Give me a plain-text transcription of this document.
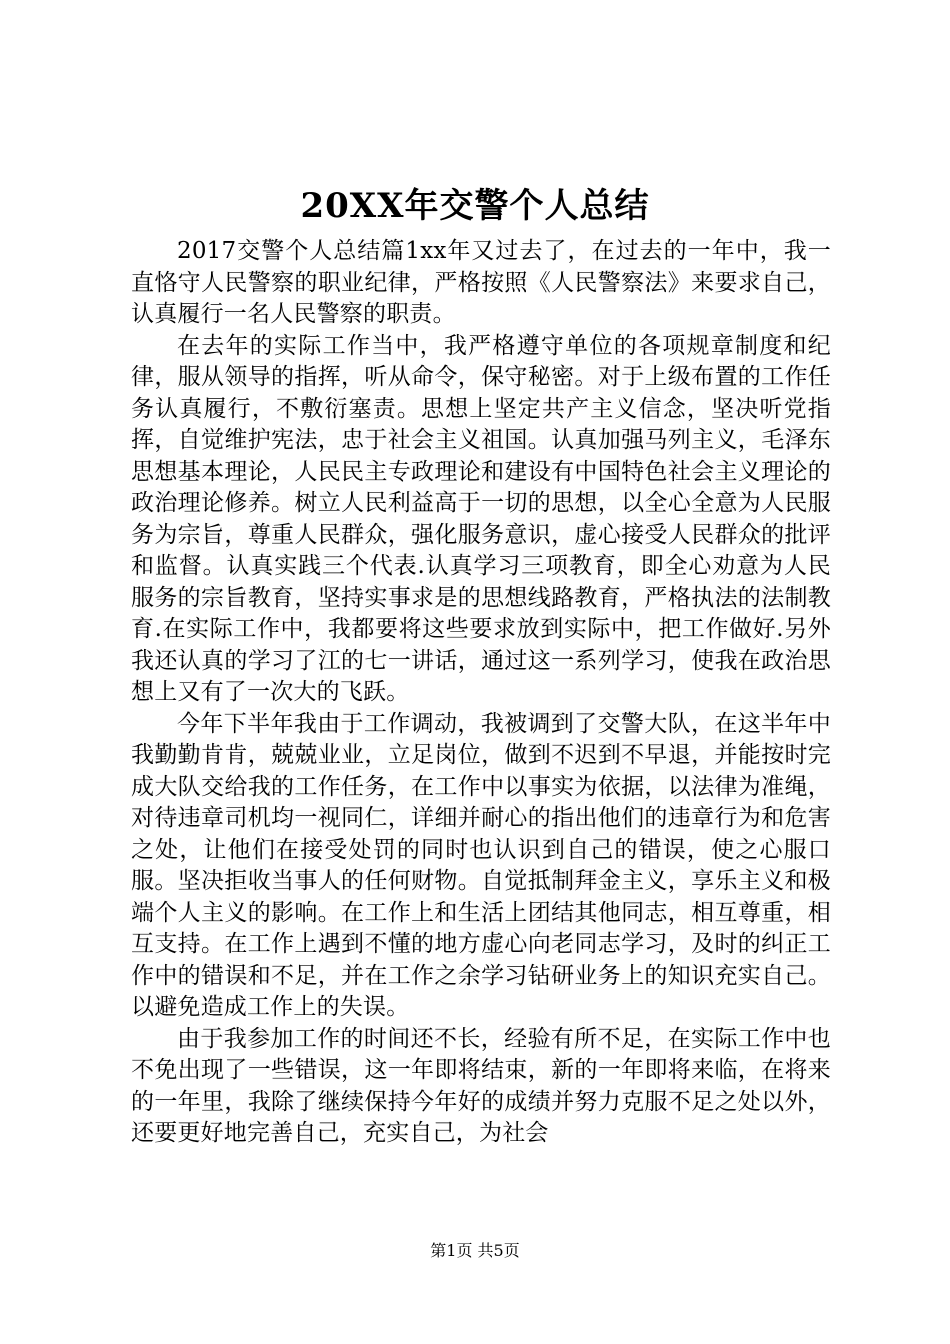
20XX年交警个人总结

2017交警个人总结篇1xx年又过去了，在过去的一年中，我一直恪守人民警察的职业纪律，严格按照《人民警察法》来要求自己，认真履行一名人民警察的职责。

在去年的实际工作当中，我严格遵守单位的各项规章制度和纪律，服从领导的指挥，听从命令，保守秘密。对于上级布置的工作任务认真履行，不敷衍塞责。思想上坚定共产主义信念，坚决听党指挥，自觉维护宪法，忠于社会主义祖国。认真加强马列主义，毛泽东思想基本理论，人民民主专政理论和建设有中国特色社会主义理论的政治理论修养。树立人民利益高于一切的思想，以全心全意为人民服务为宗旨，尊重人民群众，强化服务意识，虚心接受人民群众的批评和监督。认真实践三个代表.认真学习三项教育，即全心劝意为人民服务的宗旨教育，坚持实事求是的思想线路教育，严格执法的法制教育.在实际工作中，我都要将这些要求放到实际中，把工作做好.另外我还认真的学习了江的七一讲话，通过这一系列学习，使我在政治思想上又有了一次大的飞跃。

今年下半年我由于工作调动，我被调到了交警大队，在这半年中我勤勤肯肯，兢兢业业，立足岗位，做到不迟到不早退，并能按时完成大队交给我的工作任务，在工作中以事实为依据，以法律为准绳，对待违章司机均一视同仁，详细并耐心的指出他们的违章行为和危害之处，让他们在接受处罚的同时也认识到自己的错误，使之心服口服。坚决拒收当事人的任何财物。自觉抵制拜金主义，享乐主义和极端个人主义的影响。在工作上和生活上团结其他同志，相互尊重，相互支持。在工作上遇到不懂的地方虚心向老同志学习，及时的纠正工作中的错误和不足，并在工作之余学习钻研业务上的知识充实自己。以避免造成工作上的失误。

由于我参加工作的时间还不长，经验有所不足，在实际工作中也不免出现了一些错误，这一年即将结束，新的一年即将来临，在将来的一年里，我除了继续保持今年好的成绩并努力克服不足之处以外，还要更好地完善自己，充实自己，为社会

第1页 共5页
